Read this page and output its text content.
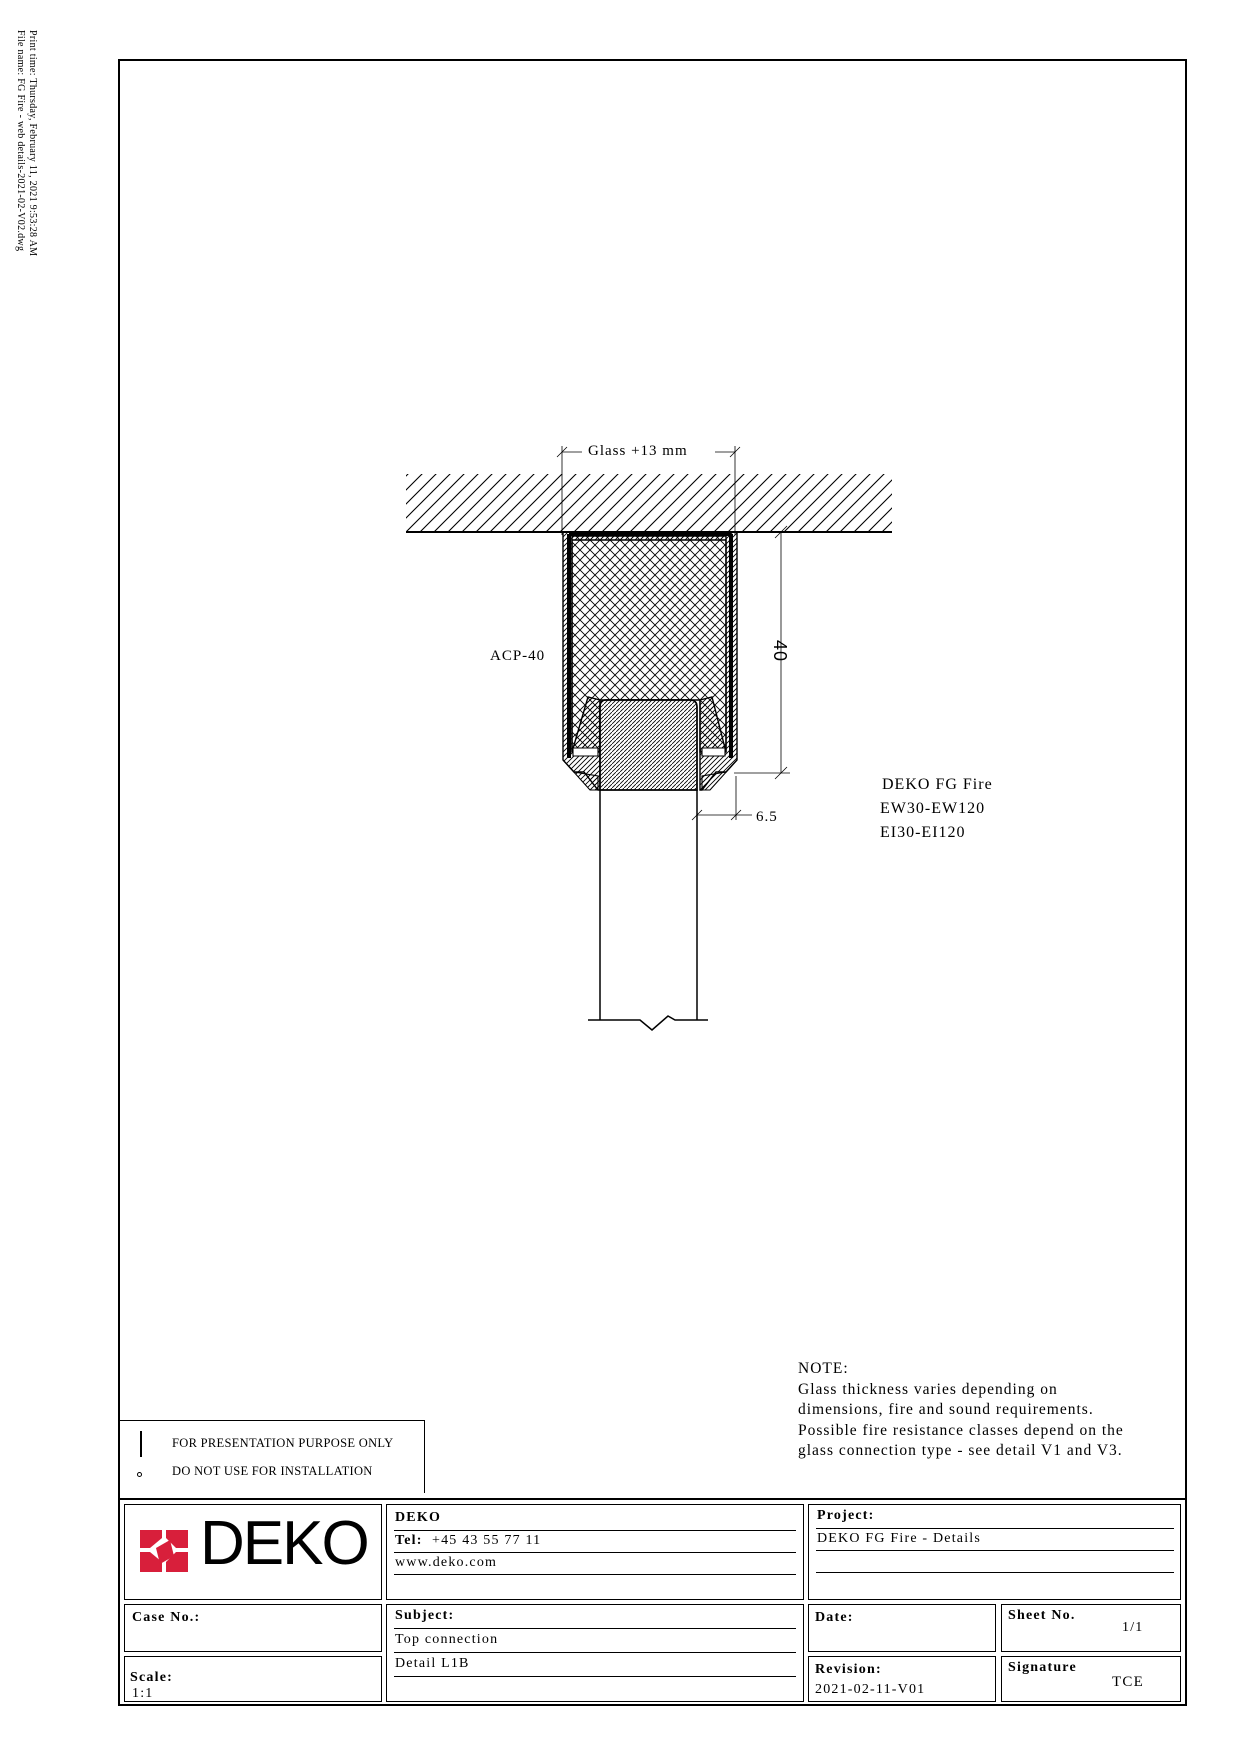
Print time: Thursday, February 11, 2021 9:53:28 AM
File name: FG Fire - web details-2021-02-V02.dwg
Glass +13 mm
40
6.5
ACP-40
DEKO FG Fire
EW30-EW120
EI30-EI120
NOTE:
Glass thickness varies depending on
dimensions, fire and sound requirements.
Possible fire resistance classes depend on the
glass connection type - see detail V1 and V3.
FOR PRESENTATION PURPOSE ONLY
DO NOT USE FOR INSTALLATION
DEKO DEKO
Tel: +45 43 55 77 11
www.deko.com
Project:
DEKO FG Fire - Details
Case No.:
Scale:
1:1
Subject:
Top connection
Detail L1B
Date:	Sheet No.
1/1
Revision:
2021-02-11-V01
Signature
TCE
